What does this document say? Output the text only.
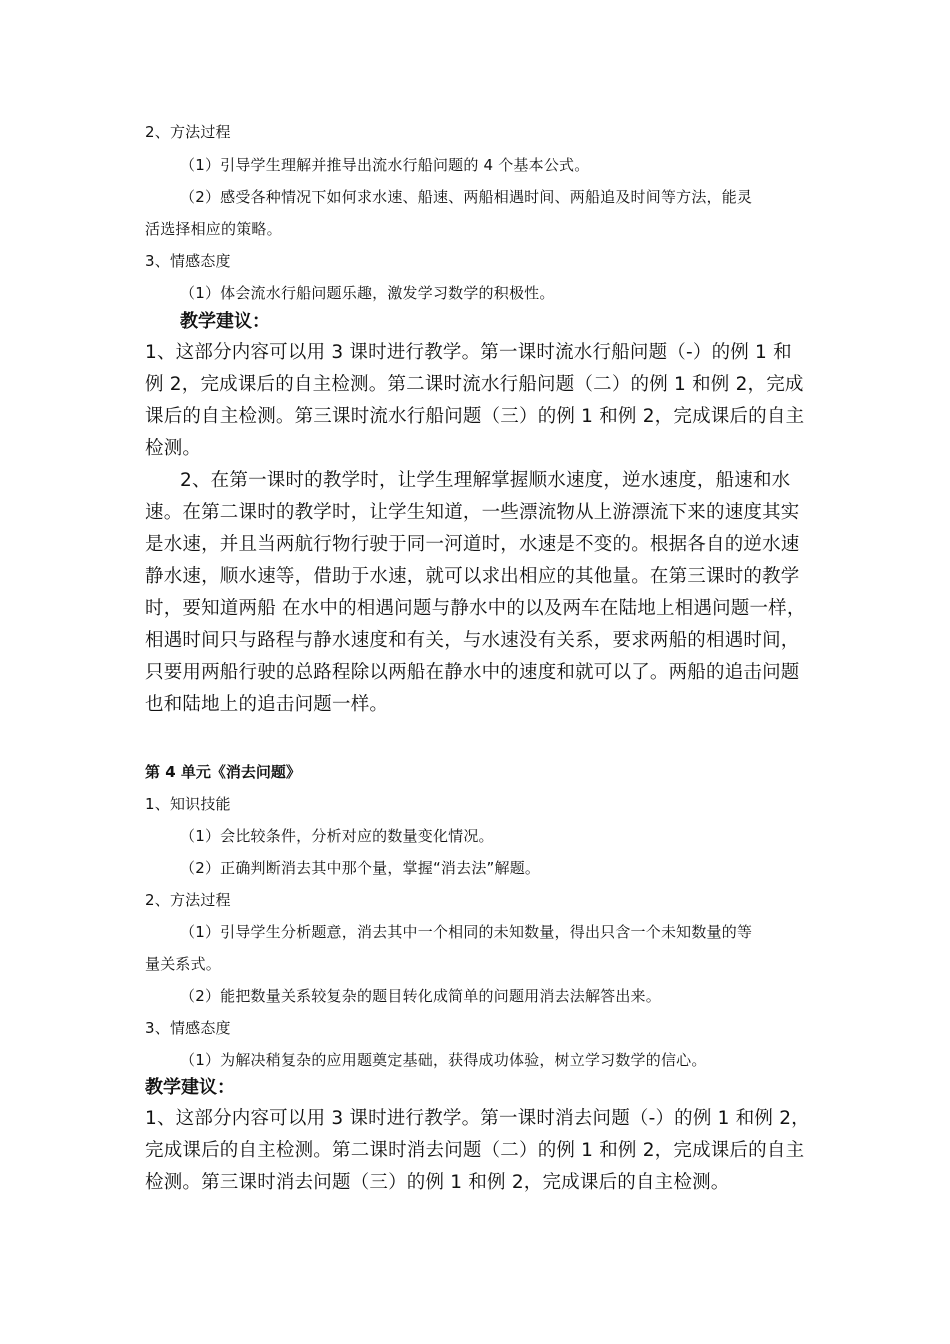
2、方法过程

（1）引导学生理解并推导出流水行船问题的 4 个基本公式。

（2）感受各种情况下如何求水速、船速、两船相遇时间、两船追及时间等方法，能灵

活选择相应的策略。

3、情感态度

（1）体会流水行船问题乐趣，激发学习数学的积极性。

教学建议：

1、这部分内容可以用 3 课时进行教学。第一课时流水行船问题（-）的例 1 和

例 2，完成课后的自主检测。第二课时流水行船问题（二）的例 1 和例 2，完成

课后的自主检测。第三课时流水行船问题（三）的例 1 和例 2，完成课后的自主

检测。

2、在第一课时的教学时，让学生理解掌握顺水速度，逆水速度，船速和水

速。在第二课时的教学时，让学生知道，一些漂流物从上游漂流下来的速度其实

是水速，并且当两航行物行驶于同一河道时，水速是不变的。根据各自的逆水速

静水速，顺水速等，借助于水速，就可以求出相应的其他量。在第三课时的教学

时，要知道两船 在水中的相遇问题与静水中的以及两车在陆地上相遇问题一样，

相遇时间只与路程与静水速度和有关，与水速没有关系，要求两船的相遇时间，

只要用两船行驶的总路程除以两船在静水中的速度和就可以了。两船的追击问题

也和陆地上的追击问题一样。

第 4 单元《消去问题》

1、知识技能

（1）会比较条件，分析对应的数量变化情况。

（2）正确判断消去其中那个量，掌握“消去法”解题。

2、方法过程

（1）引导学生分析题意，消去其中一个相同的未知数量，得出只含一个未知数量的等

量关系式。

（2）能把数量关系较复杂的题目转化成简单的问题用消去法解答出来。

3、情感态度

（1）为解决稍复杂的应用题奠定基础，获得成功体验，树立学习数学的信心。

教学建议：

1、这部分内容可以用 3 课时进行教学。第一课时消去问题（-）的例 1 和例 2，

完成课后的自主检测。第二课时消去问题（二）的例 1 和例 2，完成课后的自主

检测。第三课时消去问题（三）的例 1 和例 2，完成课后的自主检测。
